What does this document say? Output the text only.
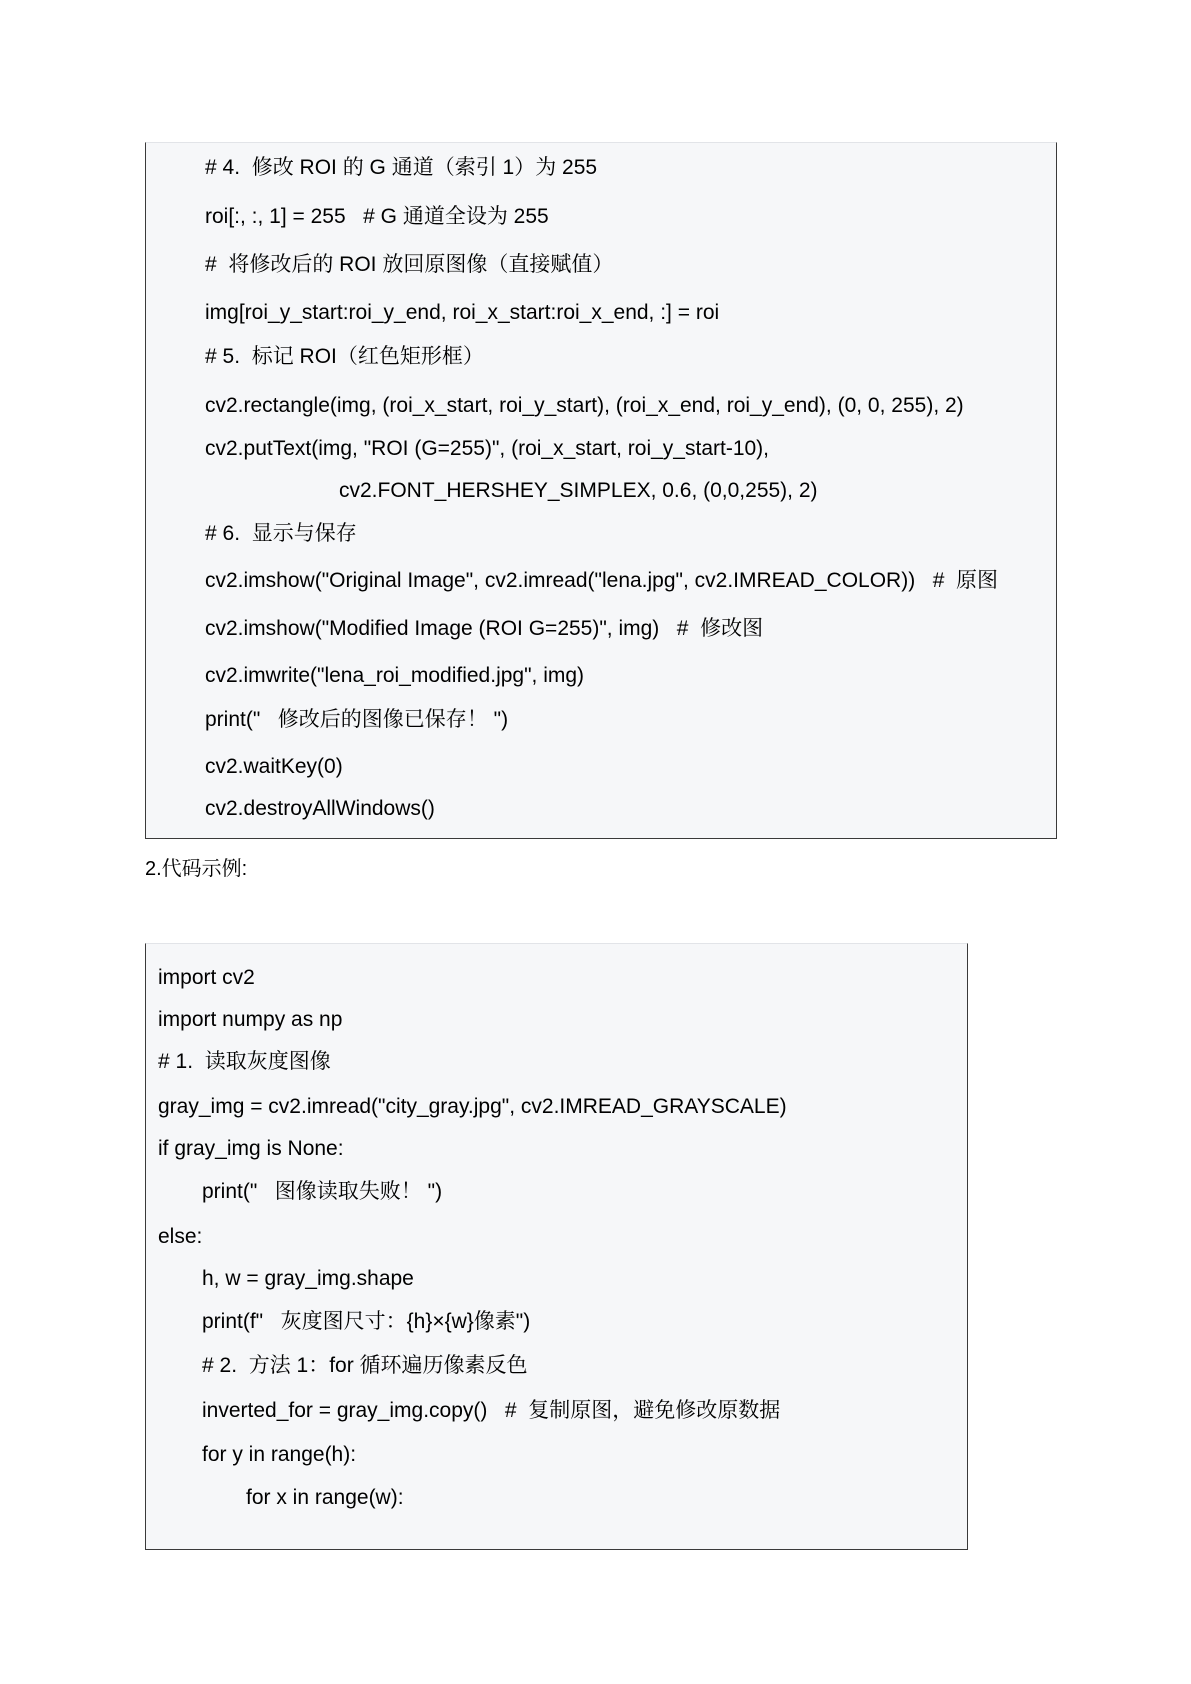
# 4.  修改 ROI 的 G 通道（索引 1）为 255
roi[:, :, 1] = 255   # G 通道全设为 255
#  将修改后的 ROI 放回原图像（直接赋值）
img[roi_y_start:roi_y_end, roi_x_start:roi_x_end, :] = roi
# 5.  标记 ROI（红色矩形框）
cv2.rectangle(img, (roi_x_start, roi_y_start), (roi_x_end, roi_y_end), (0, 0, 255), 2)
cv2.putText(img, "ROI (G=255)", (roi_x_start, roi_y_start-10),
cv2.FONT_HERSHEY_SIMPLEX, 0.6, (0,0,255), 2)
# 6.  显示与保存
cv2.imshow("Original Image", cv2.imread("lena.jpg", cv2.IMREAD_COLOR))   #  原图
cv2.imshow("Modified Image (ROI G=255)", img)   #  修改图
cv2.imwrite("lena_roi_modified.jpg", img)
print("   修改后的图像已保存！ ")
cv2.waitKey(0)
cv2.destroyAllWindows()
2.代码示例:
import cv2
import numpy as np
# 1.  读取灰度图像
gray_img = cv2.imread("city_gray.jpg", cv2.IMREAD_GRAYSCALE)
if gray_img is None:
print("   图像读取失败！ ")
else:
h, w = gray_img.shape
print(f"   灰度图尺寸：{h}×{w}像素")
# 2.  方法 1：for 循环遍历像素反色
inverted_for = gray_img.copy()   #  复制原图，避免修改原数据
for y in range(h):
for x in range(w):
